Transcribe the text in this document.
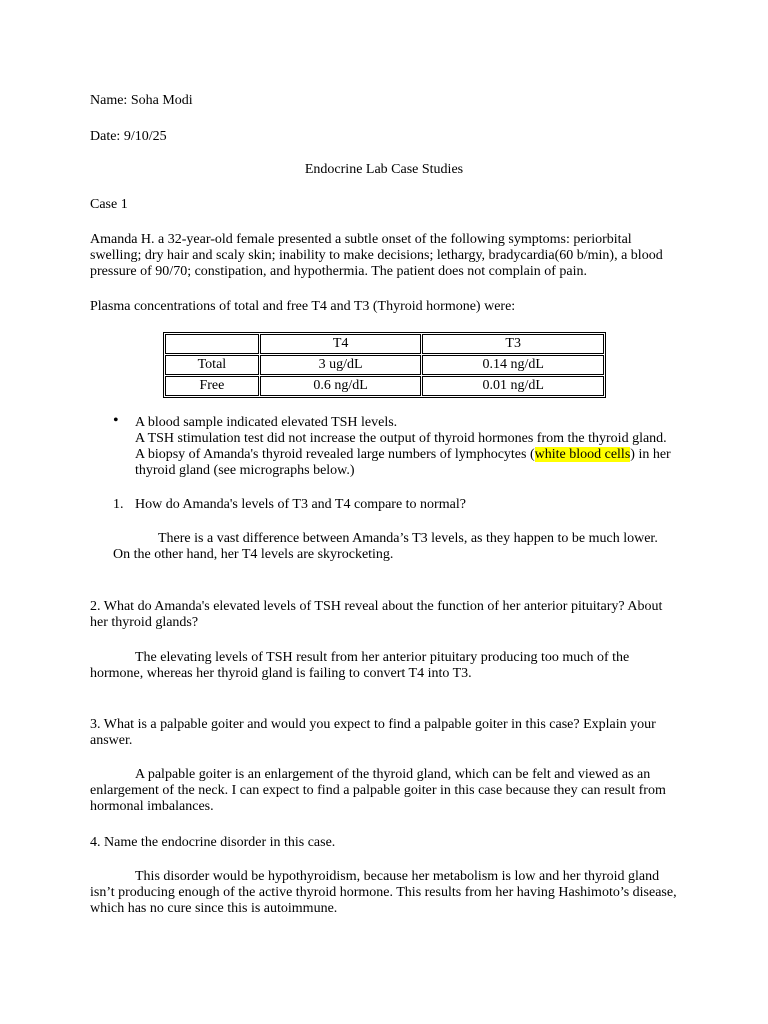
Name: Soha Modi

Date: 9/10/25

Endocrine Lab Case Studies

Case 1

Amanda H. a 32-year-old female presented a subtle onset of the following symptoms: periorbital swelling; dry hair and scaly skin; inability to make decisions; lethargy, bradycardia(60 b/min), a blood pressure of 90/70; constipation, and hypothermia. The patient does not complain of pain.

Plasma concentrations of total and free T4 and T3 (Thyroid hormone) were:

	T4	T3
Total	3 ug/dL	0.14 ng/dL
Free	0.6 ng/dL	0.01 ng/dL
• A blood sample indicated elevated TSH levels.
A TSH stimulation test did not increase the output of thyroid hormones from the thyroid gland.
A biopsy of Amanda's thyroid revealed large numbers of lymphocytes (white blood cells) in her thyroid gland (see micrographs below.)

1. How do Amanda's levels of T3 and T4 compare to normal?

There is a vast difference between Amanda’s T3 levels, as they happen to be much lower. On the other hand, her T4 levels are skyrocketing.

2. What do Amanda's elevated levels of TSH reveal about the function of her anterior pituitary? About her thyroid glands?

The elevating levels of TSH result from her anterior pituitary producing too much of the hormone, whereas her thyroid gland is failing to convert T4 into T3.

3. What is a palpable goiter and would you expect to find a palpable goiter in this case? Explain your answer.

A palpable goiter is an enlargement of the thyroid gland, which can be felt and viewed as an enlargement of the neck. I can expect to find a palpable goiter in this case because they can result from hormonal imbalances.

4. Name the endocrine disorder in this case.

This disorder would be hypothyroidism, because her metabolism is low and her thyroid gland isn’t producing enough of the active thyroid hormone. This results from her having Hashimoto’s disease, which has no cure since this is autoimmune.
